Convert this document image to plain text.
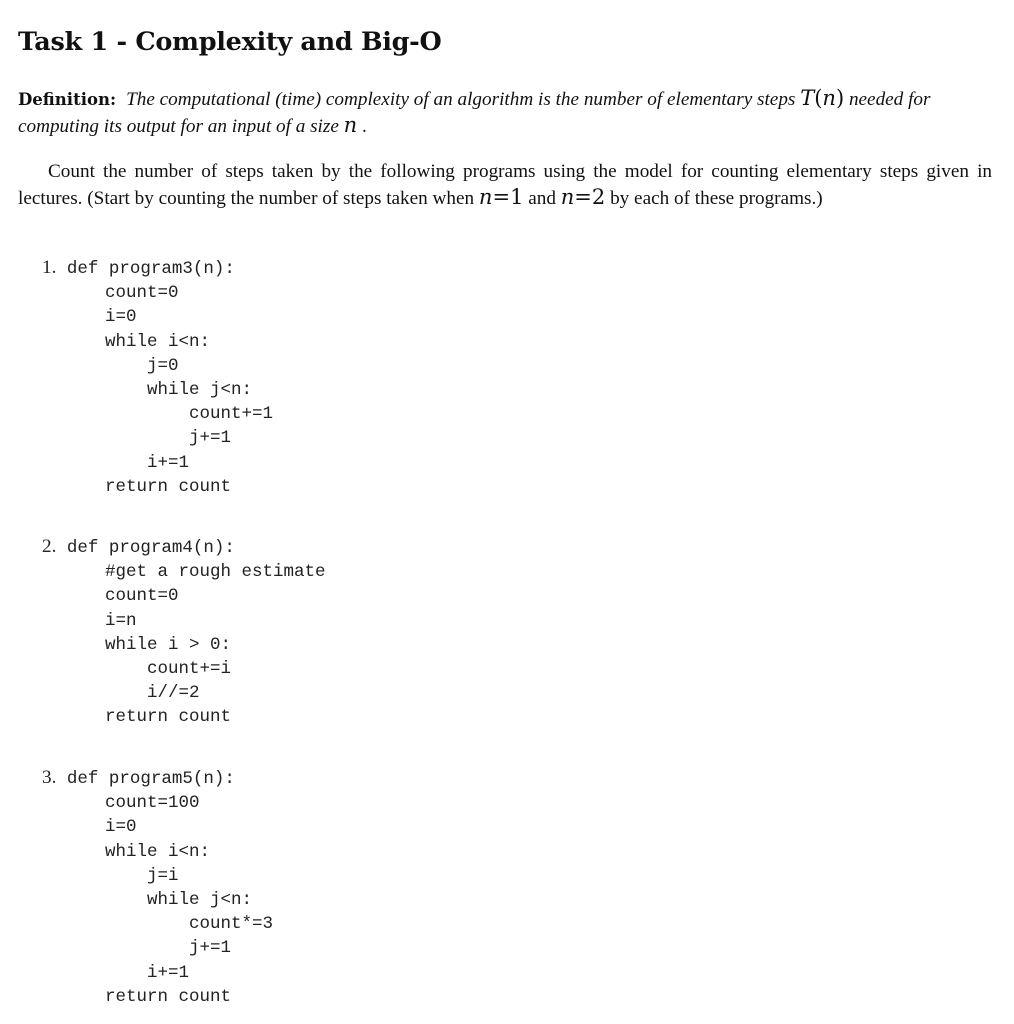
Task 1 - Complexity and Big-O

Definition: The computational (time) complexity of an algorithm is the number of elementary steps T(n) needed for computing its output for an input of a size n .

Count the number of steps taken by the following programs using the model for counting elementary steps given in lectures. (Start by counting the number of steps taken when n=1 and n=2 by each of these programs.)

1. def program3(n):

count=0
i=0
while i<n:
j=0
while j<n:
count+=1
j+=1
i+=1
return count
2. def program4(n):

#get a rough estimate
count=0
i=n
while i > 0:
count+=i
i//=2
return count
3. def program5(n):

count=100
i=0
while i<n:
j=i
while j<n:
count*=3
j+=1
i+=1
return count
